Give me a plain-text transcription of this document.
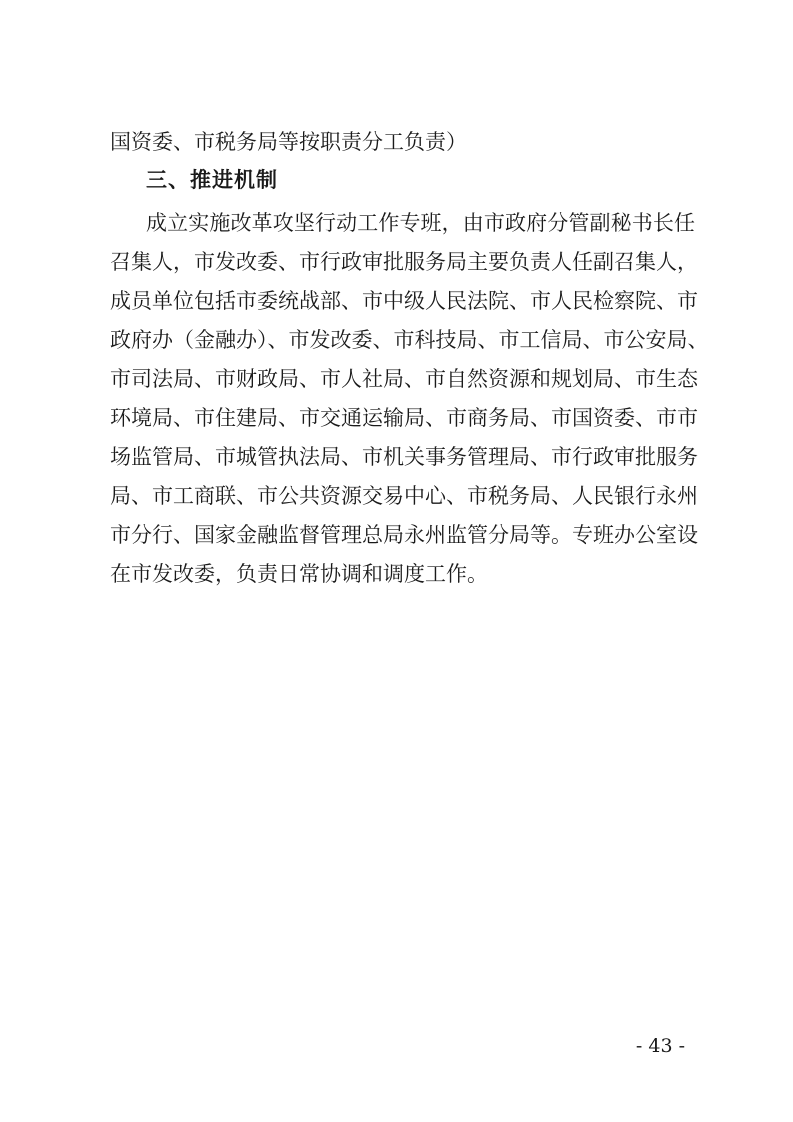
国资委、市税务局等按职责分工负责）
三、推进机制
成立实施改革攻坚行动工作专班，由市政府分管副秘书长任
召集人，市发改委、市行政审批服务局主要负责人任副召集人，
成员单位包括市委统战部、市中级人民法院、市人民检察院、市
政府办（金融办）、市发改委、市科技局、市工信局、市公安局、
市司法局、市财政局、市人社局、市自然资源和规划局、市生态
环境局、市住建局、市交通运输局、市商务局、市国资委、市市
场监管局、市城管执法局、市机关事务管理局、市行政审批服务
局、市工商联、市公共资源交易中心、市税务局、人民银行永州
市分行、国家金融监督管理总局永州监管分局等。专班办公室设
在市发改委，负责日常协调和调度工作。
- 43 -
